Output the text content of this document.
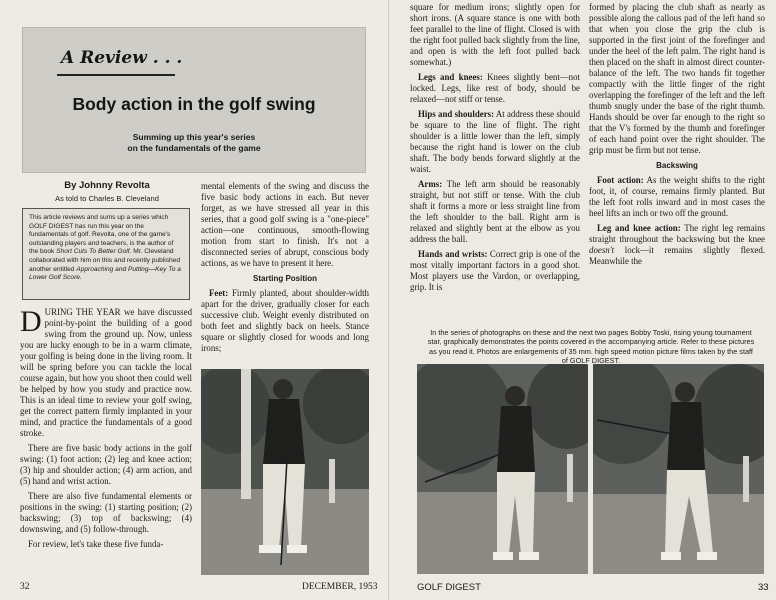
A Review . . .
Body action in the golf swing
Summing up this year's series
on the fundamentals of the game

By Johnny Revolta

As told to Charles B. Cleveland

This article reviews and sums up a series which GOLF DIGEST has run this year on the fundamentals of golf. Revolta, one of the game's outstanding players and teachers, is the author of the book Short Cuts To Better Golf. Mr. Cleveland collaborated with him on this and recently published another entitled Approaching and Putting—Key To a Lower Golf Score.

DURING THE YEAR we have discussed point-by-point the building of a good swing from the ground up. Now, unless you are lucky enough to be in a warm climate, your golfing is being done in the living room. It will be spring before you can tackle the local course again, but how you shoot then could well be helped by how you study and practice now. This is an ideal time to review your golf swing, get the correct pattern firmly implanted in your mind, and practice the fundamentals of a good stroke.

There are five basic body actions in the golf swing: (1) foot action; (2) leg and knee action; (3) hip and shoulder action; (4) arm action, and (5) hand and wrist action.

There are also five fundamental elements or positions in the swing: (1) starting position; (2) backswing; (3) top of backswing; (4) downswing, and (5) follow-through.

For review, let's take these five funda-

mental elements of the swing and discuss the five basic body actions in each. But never forget, as we have stressed all year in this series, that a good golf swing is a "one-piece" action—one continuous, smooth-flowing motion from start to finish. It's not a disconnected series of abrupt, conscious body actions, as we have to present it here.

Starting Position

Feet: Firmly planted, about shoulder-width apart for the driver, gradually closer for each successive club. Weight evenly distributed on both feet and slightly back on heels. Stance square or slightly closed for woods and long irons;

32	DECEMBER, 1953

square for medium irons; slightly open for short irons. (A square stance is one with both feet parallel to the line of flight. Closed is with the right foot pulled back slightly from the line, and open is with the left foot pulled back somewhat.)

Legs and knees: Knees slightly bent—not locked. Legs, like rest of body, should be relaxed—not stiff or tense.

Hips and shoulders: At address these should be square to the line of flight. The right shoulder is a little lower than the left, simply because the right hand is lower on the club shaft. The body bends forward slightly at the waist.

Arms: The left arm should be reasonably straight, but not stiff or tense. With the club shaft it forms a more or less straight line from the left shoulder to the ball. Right arm is relaxed and slightly bent at the elbow as you address the ball.

Hands and wrists: Correct grip is one of the most vitally important factors in a good shot. Most players use the Vardon, or overlapping, grip. It is

formed by placing the club shaft as nearly as possible along the callous pad of the left hand so that when you close the grip the club is supported in the first joint of the forefinger and under the heel of the left palm. The right hand is then placed on the shaft in almost direct counter-balance of the left. The two hands fit together compactly with the little finger of the right overlapping the forefinger of the left and the left thumb snugly under the base of the right thumb. Hands should be over far enough to the right so that the V's formed by the thumb and forefinger of each hand point over the right shoulder. The grip must be firm but not tense.

Backswing

Foot action: As the weight shifts to the right foot, it, of course, remains firmly planted. But the left foot rolls inward and in most cases the heel lifts an inch or two off the ground.

Leg and knee action: The right leg remains straight throughout the backswing but the knee doesn't lock—it remains slightly flexed. Meanwhile the

GOLF DIGEST	33

In the series of photographs on these and the next two pages Bobby Toski, rising young tournament star, graphically demonstrates the points covered in the accompanying article. Refer to these pictures as you read it. Photos are enlargements of 35 mm. high speed motion picture films taken by the staff of GOLF DIGEST.
